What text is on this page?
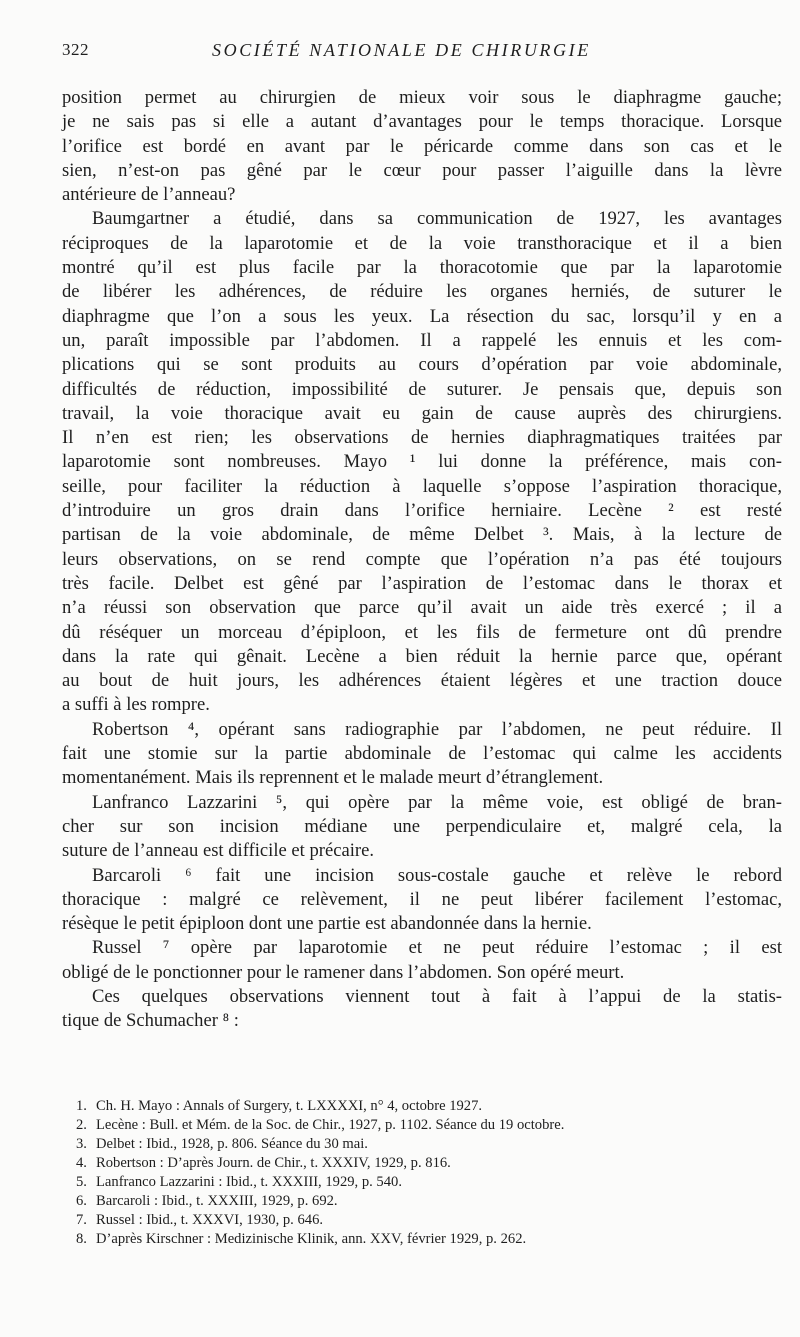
322	SOCIÉTÉ NATIONALE DE CHIRURGIE
position permet au chirurgien de mieux voir sous le diaphragme gauche;
je ne sais pas si elle a autant d’avantages pour le temps thoracique. Lorsque
l’orifice est bordé en avant par le péricarde comme dans son cas et le
sien, n’est-on pas gêné par le cœur pour passer l’aiguille dans la lèvre
antérieure de l’anneau?
Baumgartner a étudié, dans sa communication de 1927, les avantages
réciproques de la laparotomie et de la voie transthoracique et il a bien
montré qu’il est plus facile par la thoracotomie que par la laparotomie
de libérer les adhérences, de réduire les organes herniés, de suturer le
diaphragme que l’on a sous les yeux. La résection du sac, lorsqu’il y en a
un, paraît impossible par l’abdomen. Il a rappelé les ennuis et les com-
plications qui se sont produits au cours d’opération par voie abdominale,
difficultés de réduction, impossibilité de suturer. Je pensais que, depuis son
travail, la voie thoracique avait eu gain de cause auprès des chirurgiens.
Il n’en est rien; les observations de hernies diaphragmatiques traitées par
laparotomie sont nombreuses. Mayo ¹ lui donne la préférence, mais con-
seille, pour faciliter la réduction à laquelle s’oppose l’aspiration thoracique,
d’introduire un gros drain dans l’orifice herniaire. Lecène ² est resté
partisan de la voie abdominale, de même Delbet ³. Mais, à la lecture de
leurs observations, on se rend compte que l’opération n’a pas été toujours
très facile. Delbet est gêné par l’aspiration de l’estomac dans le thorax et
n’a réussi son observation que parce qu’il avait un aide très exercé ; il a
dû réséquer un morceau d’épiploon, et les fils de fermeture ont dû prendre
dans la rate qui gênait. Lecène a bien réduit la hernie parce que, opérant
au bout de huit jours, les adhérences étaient légères et une traction douce
a suffi à les rompre.
Robertson ⁴, opérant sans radiographie par l’abdomen, ne peut réduire. Il
fait une stomie sur la partie abdominale de l’estomac qui calme les accidents
momentanément. Mais ils reprennent et le malade meurt d’étranglement.
Lanfranco Lazzarini ⁵, qui opère par la même voie, est obligé de bran-
cher sur son incision médiane une perpendiculaire et, malgré cela, la
suture de l’anneau est difficile et précaire.
Barcaroli ⁶ fait une incision sous-costale gauche et relève le rebord
thoracique : malgré ce relèvement, il ne peut libérer facilement l’estomac,
résèque le petit épiploon dont une partie est abandonnée dans la hernie.
Russel ⁷ opère par laparotomie et ne peut réduire l’estomac ; il est
obligé de le ponctionner pour le ramener dans l’abdomen. Son opéré meurt.
Ces quelques observations viennent tout à fait à l’appui de la statis-
tique de Schumacher ⁸ :
1. Ch. H. Mayo : Annals of Surgery, t. LXXXXI, n° 4, octobre 1927.
2. Lecène : Bull. et Mém. de la Soc. de Chir., 1927, p. 1102. Séance du 19 octobre.
3. Delbet : Ibid., 1928, p. 806. Séance du 30 mai.
4. Robertson : D’après Journ. de Chir., t. XXXIV, 1929, p. 816.
5. Lanfranco Lazzarini : Ibid., t. XXXIII, 1929, p. 540.
6. Barcaroli : Ibid., t. XXXIII, 1929, p. 692.
7. Russel : Ibid., t. XXXVI, 1930, p. 646.
8. D’après Kirschner : Medizinische Klinik, ann. XXV, février 1929, p. 262.
